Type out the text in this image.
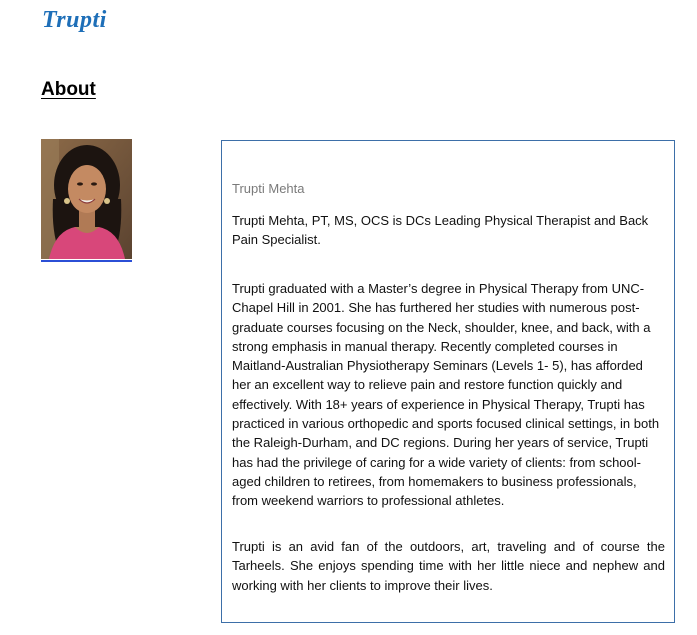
Trupti
About
Trupti Mehta

Trupti Mehta, PT, MS, OCS is DCs Leading Physical Therapist and Back Pain Specialist.

Trupti graduated with a Master’s degree in Physical Therapy from UNC-Chapel Hill in 2001. She has furthered her studies with numerous post-graduate courses focusing on the Neck, shoulder, knee, and back, with a strong emphasis in manual therapy. Recently completed courses in Maitland-Australian Physiotherapy Seminars (Levels 1- 5), has afforded her an excellent way to relieve pain and restore function quickly and effectively. With 18+ years of experience in Physical Therapy, Trupti has practiced in various orthopedic and sports focused clinical settings, in both the Raleigh-Durham, and DC regions. During her years of service, Trupti has had the privilege of caring for a wide variety of clients: from school-aged children to retirees, from homemakers to business professionals, from weekend warriors to professional athletes.

Trupti is an avid fan of the outdoors, art, traveling and of course the Tarheels. She enjoys spending time with her little niece and nephew and working with her clients to improve their lives.
